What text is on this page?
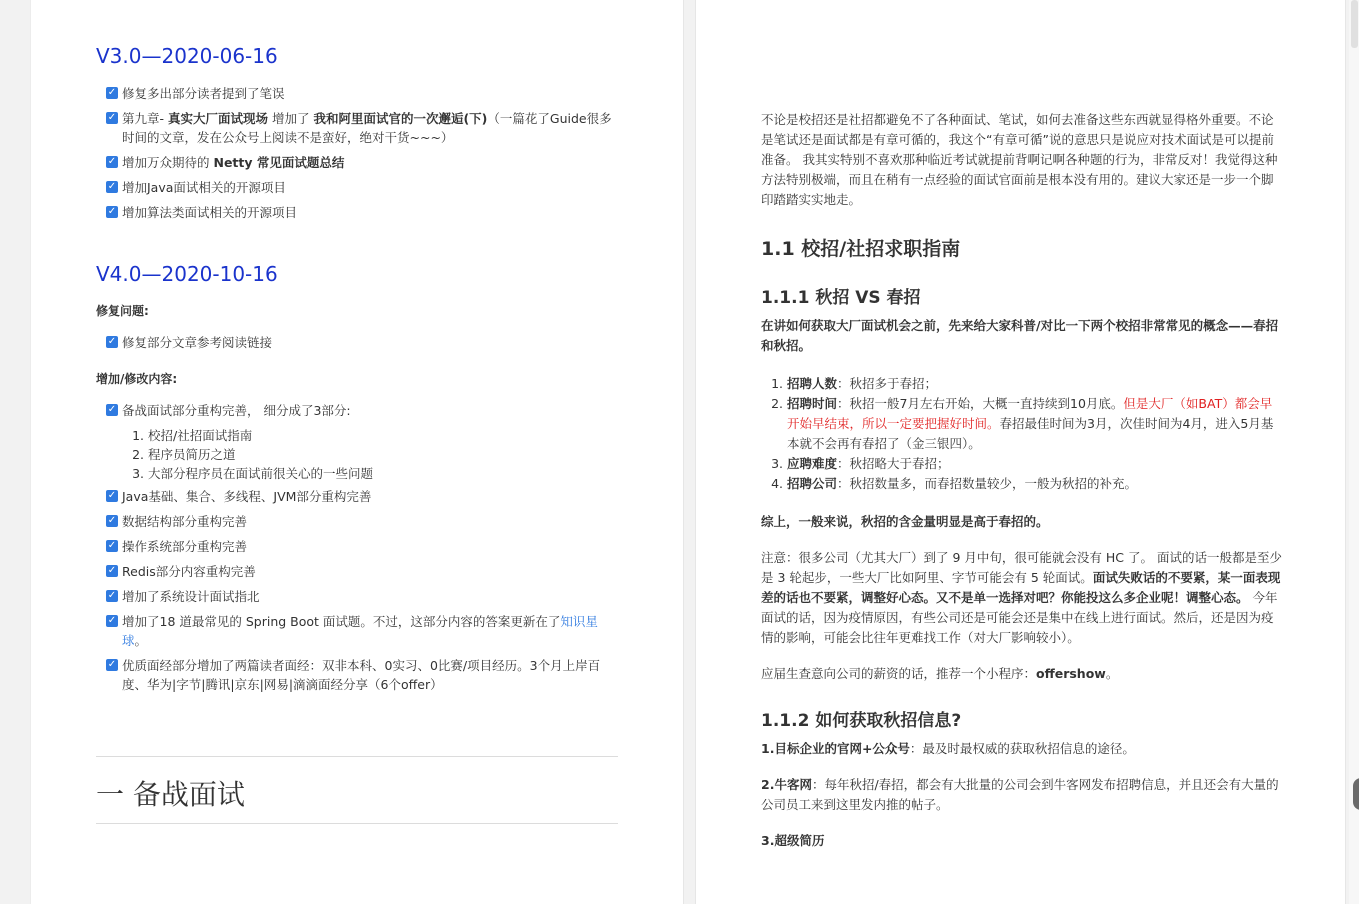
V3.0—2020-06-16
✓ 修复多出部分读者提到了笔误
✓ 第九章- 真实大厂面试现场 增加了 我和阿里面试官的一次邂逅(下)（一篇花了Guide很多时间的文章，发在公众号上阅读不是蛮好，绝对干货~~~）
✓ 增加万众期待的 Netty 常见面试题总结
✓ 增加Java面试相关的开源项目
✓ 增加算法类面试相关的开源项目
V4.0—2020-10-16
修复问题:
✓ 修复部分文章参考阅读链接
增加/修改内容:
✓ 备战面试部分重构完善， 细分成了3部分:
1. 校招/社招面试指南
2. 程序员简历之道
3. 大部分程序员在面试前很关心的一些问题
✓ Java基础、集合、多线程、JVM部分重构完善
✓ 数据结构部分重构完善
✓ 操作系统部分重构完善
✓ Redis部分内容重构完善
✓ 增加了系统设计面试指北
✓ 增加了18 道最常见的 Spring Boot 面试题。不过，这部分内容的答案更新在了知识星球。
✓ 优质面经部分增加了两篇读者面经：双非本科、0实习、0比赛/项目经历。3个月上岸百度、华为|字节|腾讯|京东|网易|滴滴面经分享（6个offer）
一 备战面试

不论是校招还是社招都避免不了各种面试、笔试，如何去准备这些东西就显得格外重要。不论是笔试还是面试都是有章可循的，我这个“有章可循”说的意思只是说应对技术面试是可以提前准备。 我其实特别不喜欢那种临近考试就提前背啊记啊各种题的行为，非常反对！我觉得这种方法特别极端，而且在稍有一点经验的面试官面前是根本没有用的。建议大家还是一步一个脚印踏踏实实地走。

1.1 校招/社招求职指南
1.1.1 秋招 VS 春招

在讲如何获取大厂面试机会之前，先来给大家科普/对比一下两个校招非常常见的概念——春招和秋招。

1. 招聘人数：秋招多于春招；
2. 招聘时间：秋招一般7月左右开始，大概一直持续到10月底。但是大厂（如BAT）都会早开始早结束，所以一定要把握好时间。春招最佳时间为3月，次佳时间为4月，进入5月基本就不会再有春招了（金三银四）。
3. 应聘难度：秋招略大于春招；
4. 招聘公司：秋招数量多，而春招数量较少，一般为秋招的补充。

综上，一般来说，秋招的含金量明显是高于春招的。

注意：很多公司（尤其大厂）到了 9 月中旬，很可能就会没有 HC 了。 面试的话一般都是至少是 3 轮起步，一些大厂比如阿里、字节可能会有 5 轮面试。面试失败话的不要紧，某一面表现差的话也不要紧，调整好心态。又不是单一选择对吧？你能投这么多企业呢！调整心态。 今年面试的话，因为疫情原因，有些公司还是可能会还是集中在线上进行面试。然后，还是因为疫情的影响，可能会比往年更难找工作（对大厂影响较小）。

应届生查意向公司的薪资的话，推荐一个小程序：offershow。

1.1.2 如何获取秋招信息?

1.目标企业的官网+公众号：最及时最权威的获取秋招信息的途径。

2.牛客网：每年秋招/春招，都会有大批量的公司会到牛客网发布招聘信息，并且还会有大量的公司员工来到这里发内推的帖子。

3.超级简历
